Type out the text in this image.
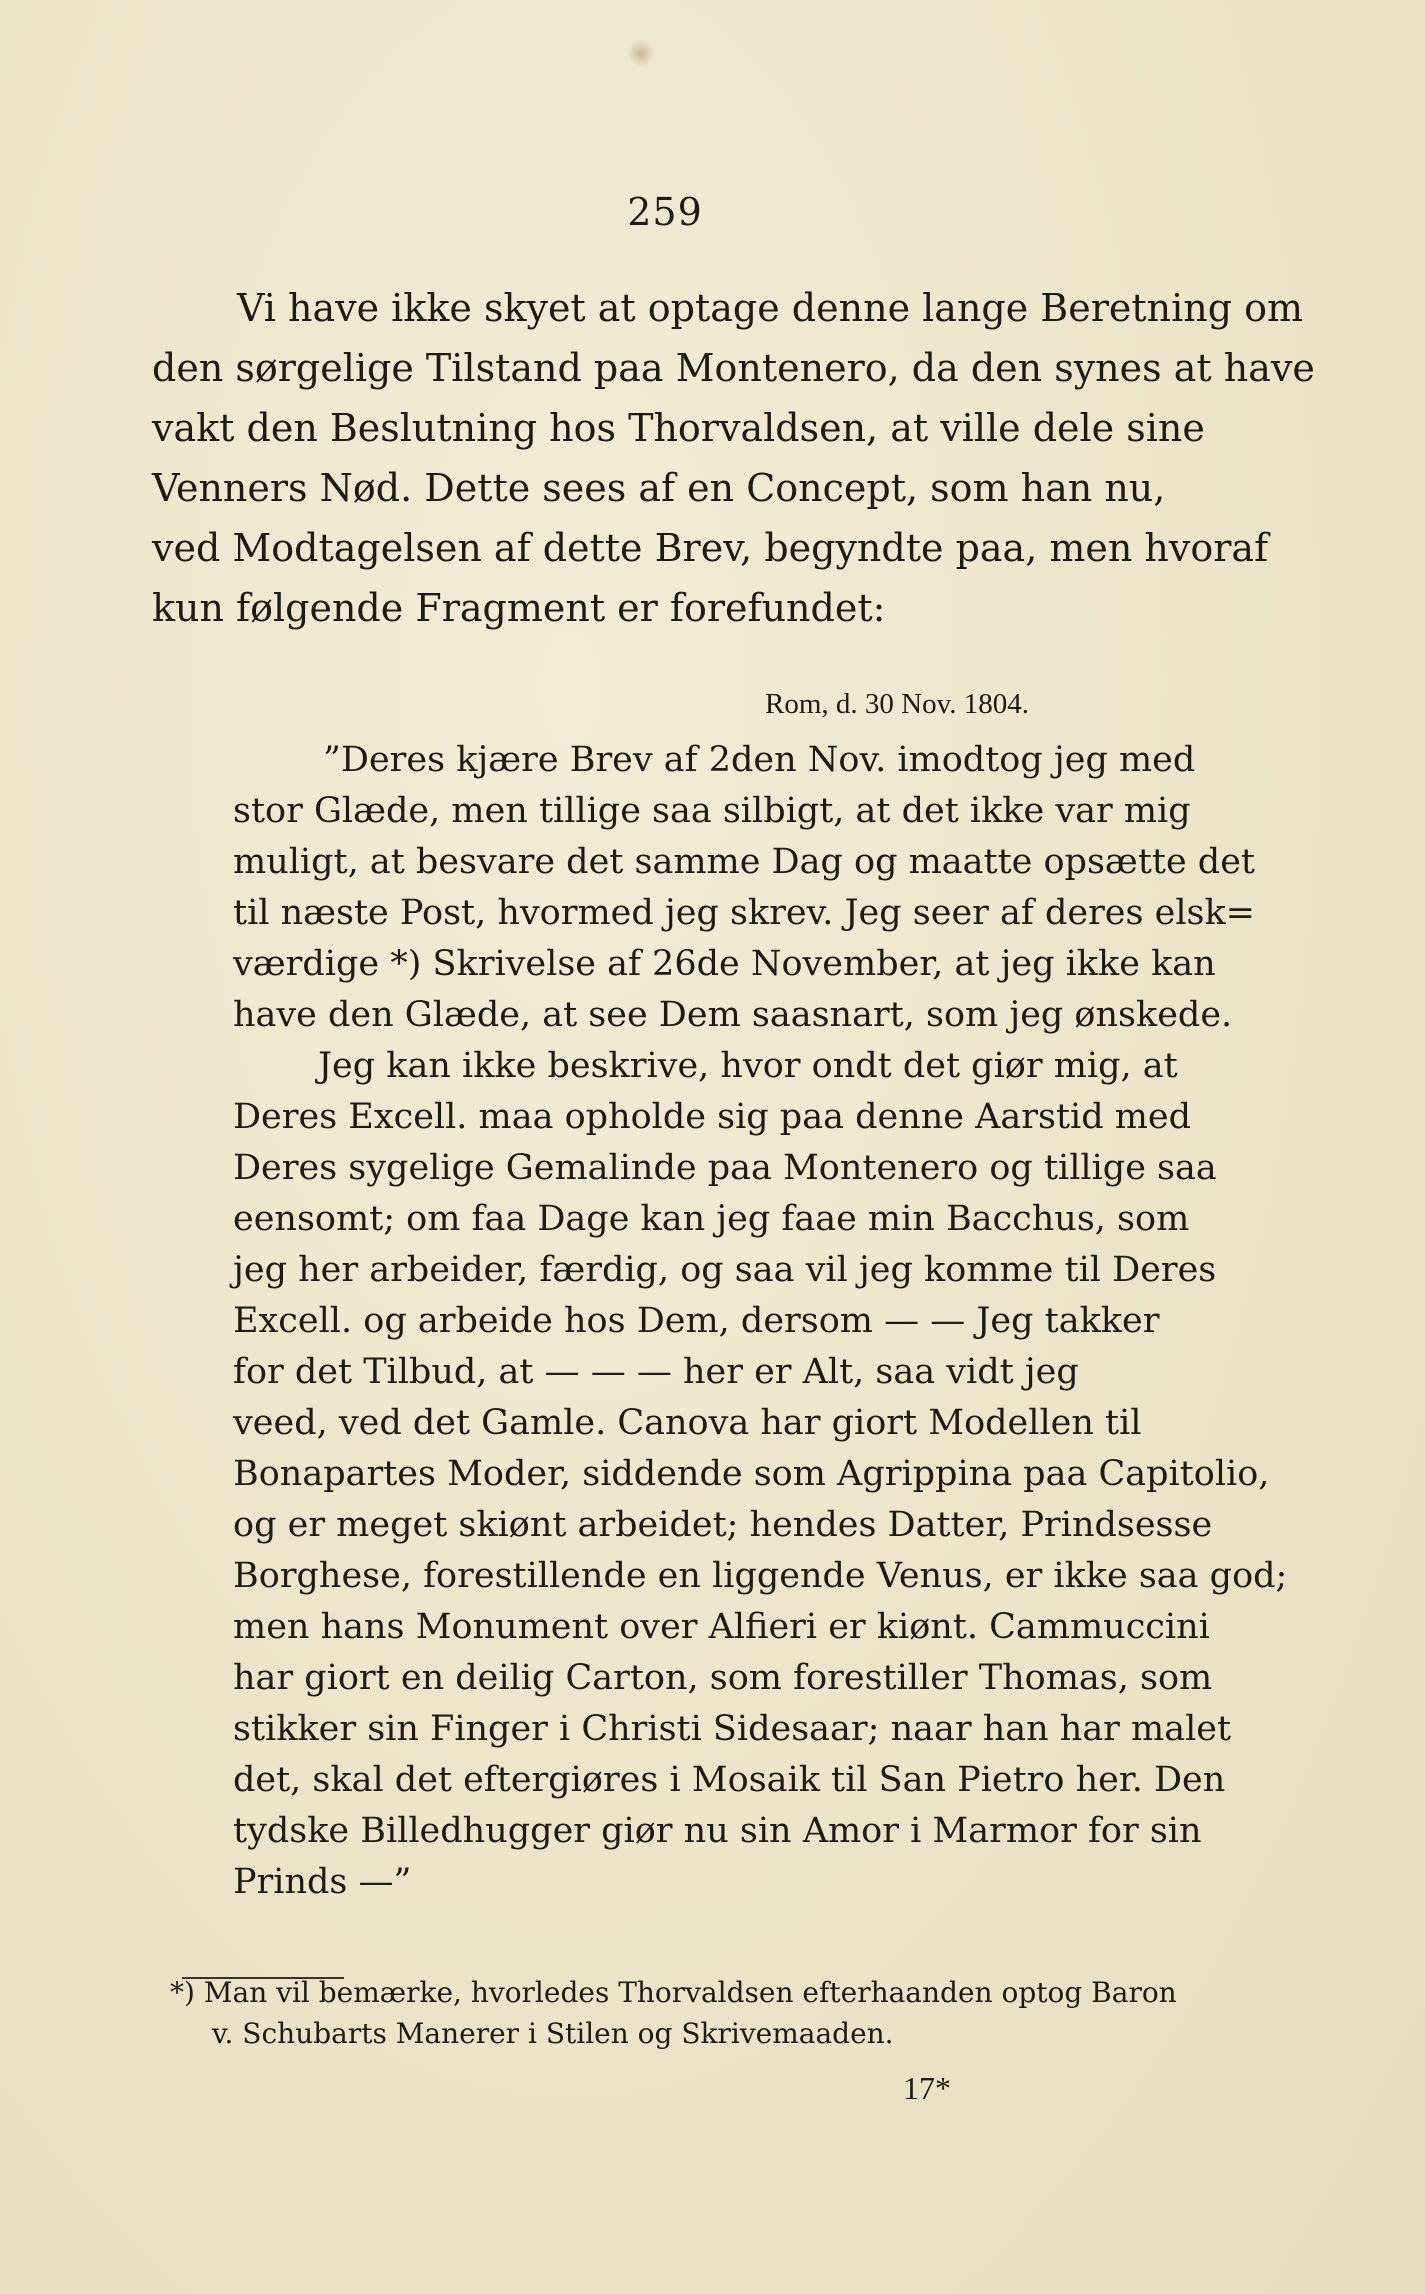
259
Vi have ikke skyet at optage denne lange Beretning om
den sørgelige Tilstand paa Montenero, da den synes at have
vakt den Beslutning hos Thorvaldsen, at ville dele sine
Venners Nød. Dette sees af en Concept, som han nu,
ved Modtagelsen af dette Brev, begyndte paa, men hvoraf
kun følgende Fragment er forefundet:
Rom, d. 30 Nov. 1804.
”Deres kjære Brev af 2den Nov. imodtog jeg med
stor Glæde, men tillige saa silbigt, at det ikke var mig
muligt, at besvare det samme Dag og maatte opsætte det
til næste Post, hvormed jeg skrev. Jeg seer af deres elsk=
værdige *) Skrivelse af 26de November, at jeg ikke kan
have den Glæde, at see Dem saasnart, som jeg ønskede.
Jeg kan ikke beskrive, hvor ondt det giør mig, at
Deres Excell. maa opholde sig paa denne Aarstid med
Deres sygelige Gemalinde paa Montenero og tillige saa
eensomt; om faa Dage kan jeg faae min Bacchus, som
jeg her arbeider, færdig, og saa vil jeg komme til Deres
Excell. og arbeide hos Dem, dersom — — Jeg takker
for det Tilbud, at — — — her er Alt, saa vidt jeg
veed, ved det Gamle. Canova har giort Modellen til
Bonapartes Moder, siddende som Agrippina paa Capitolio,
og er meget skiønt arbeidet; hendes Datter, Prindsesse
Borghese, forestillende en liggende Venus, er ikke saa god;
men hans Monument over Alfieri er kiønt. Cammuccini
har giort en deilig Carton, som forestiller Thomas, som
stikker sin Finger i Christi Sidesaar; naar han har malet
det, skal det eftergiøres i Mosaik til San Pietro her. Den
tydske Billedhugger giør nu sin Amor i Marmor for sin
Prinds —”
*) Man vil bemærke, hvorledes Thorvaldsen efterhaanden optog Baron
v. Schubarts Manerer i Stilen og Skrivemaaden.
17*
